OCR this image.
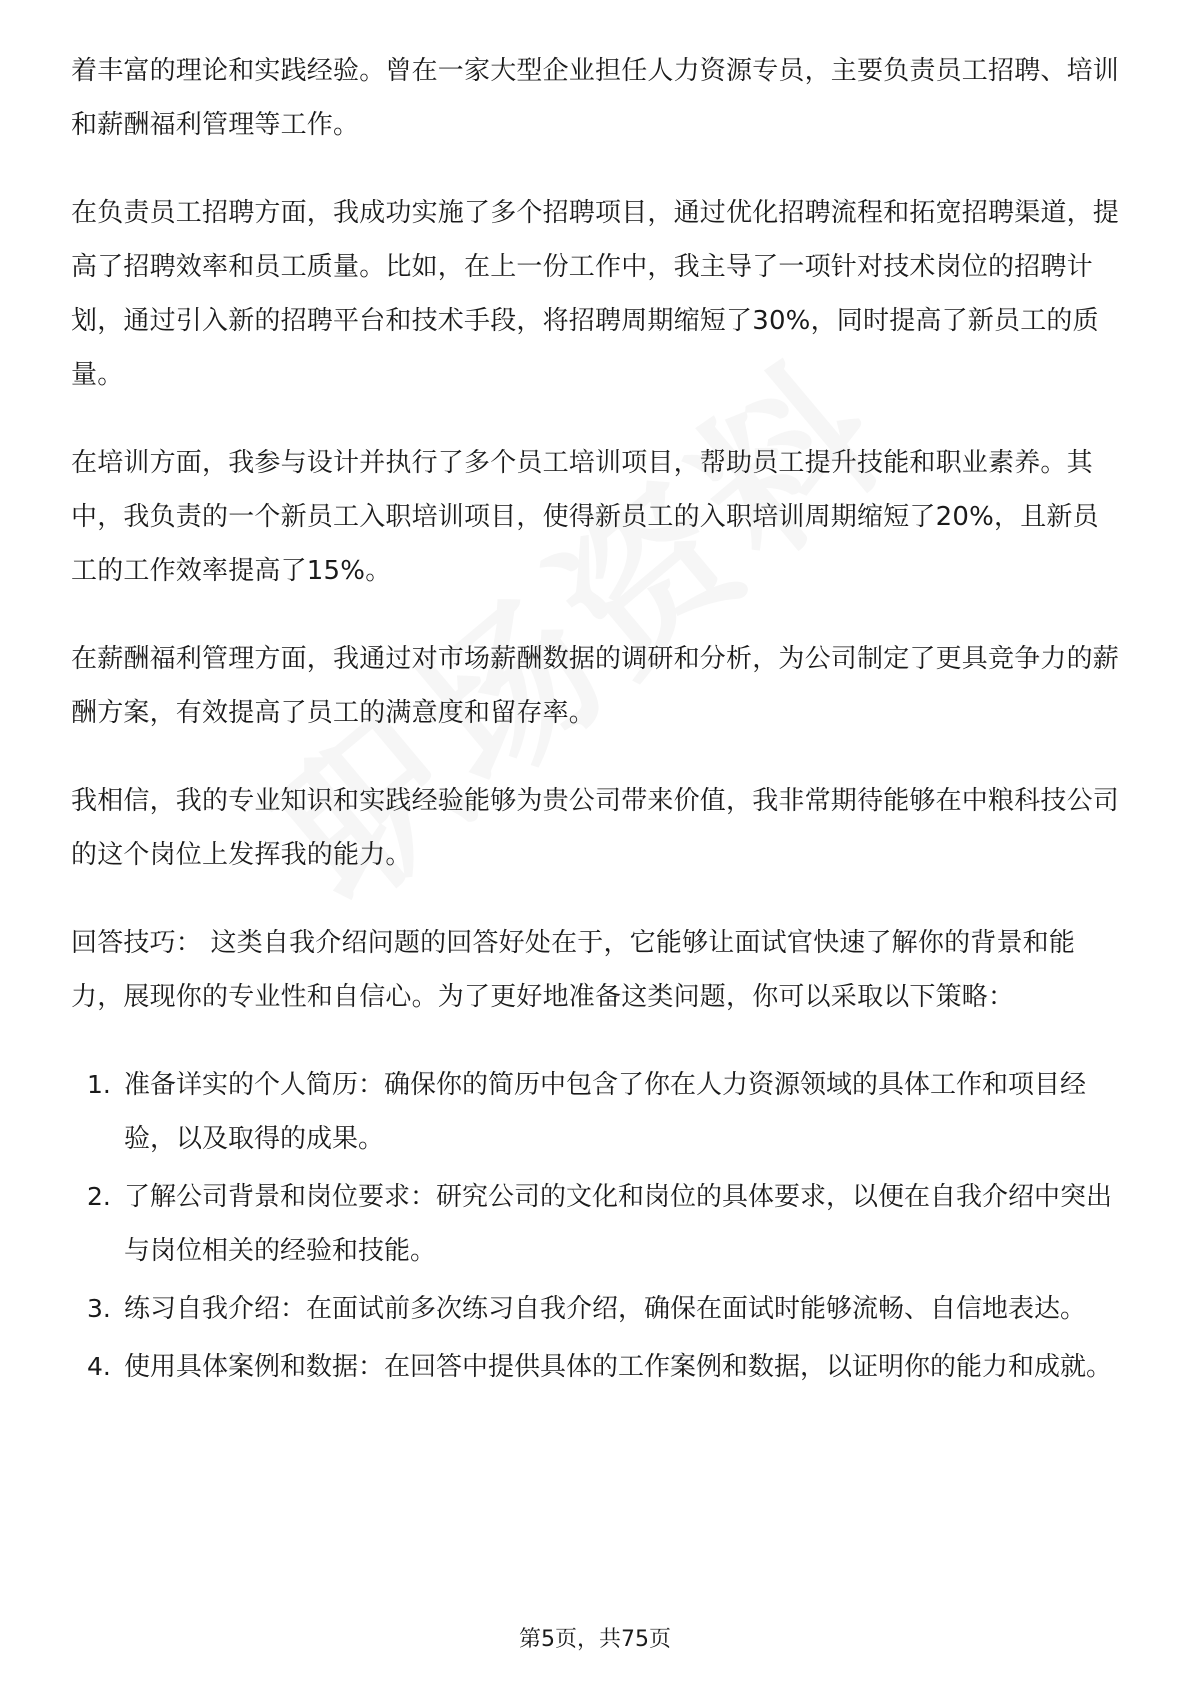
着丰富的理论和实践经验。曾在一家大型企业担任人力资源专员，主要负责员工招聘、培训和薪酬福利管理等工作。

在负责员工招聘方面，我成功实施了多个招聘项目，通过优化招聘流程和拓宽招聘渠道，提高了招聘效率和员工质量。比如，在上一份工作中，我主导了一项针对技术岗位的招聘计划，通过引入新的招聘平台和技术手段，将招聘周期缩短了30%，同时提高了新员工的质量。

在培训方面，我参与设计并执行了多个员工培训项目，帮助员工提升技能和职业素养。其中，我负责的一个新员工入职培训项目，使得新员工的入职培训周期缩短了20%，且新员工的工作效率提高了15%。

在薪酬福利管理方面，我通过对市场薪酬数据的调研和分析，为公司制定了更具竞争力的薪酬方案，有效提高了员工的满意度和留存率。

我相信，我的专业知识和实践经验能够为贵公司带来价值，我非常期待能够在中粮科技公司的这个岗位上发挥我的能力。

回答技巧： 这类自我介绍问题的回答好处在于，它能够让面试官快速了解你的背景和能力，展现你的专业性和自信心。为了更好地准备这类问题，你可以采取以下策略：

1. 准备详实的个人简历：确保你的简历中包含了你在人力资源领域的具体工作和项目经验，以及取得的成果。
2. 了解公司背景和岗位要求：研究公司的文化和岗位的具体要求，以便在自我介绍中突出与岗位相关的经验和技能。
3. 练习自我介绍：在面试前多次练习自我介绍，确保在面试时能够流畅、自信地表达。
4. 使用具体案例和数据：在回答中提供具体的工作案例和数据，以证明你的能力和成就。
第5页，共75页
